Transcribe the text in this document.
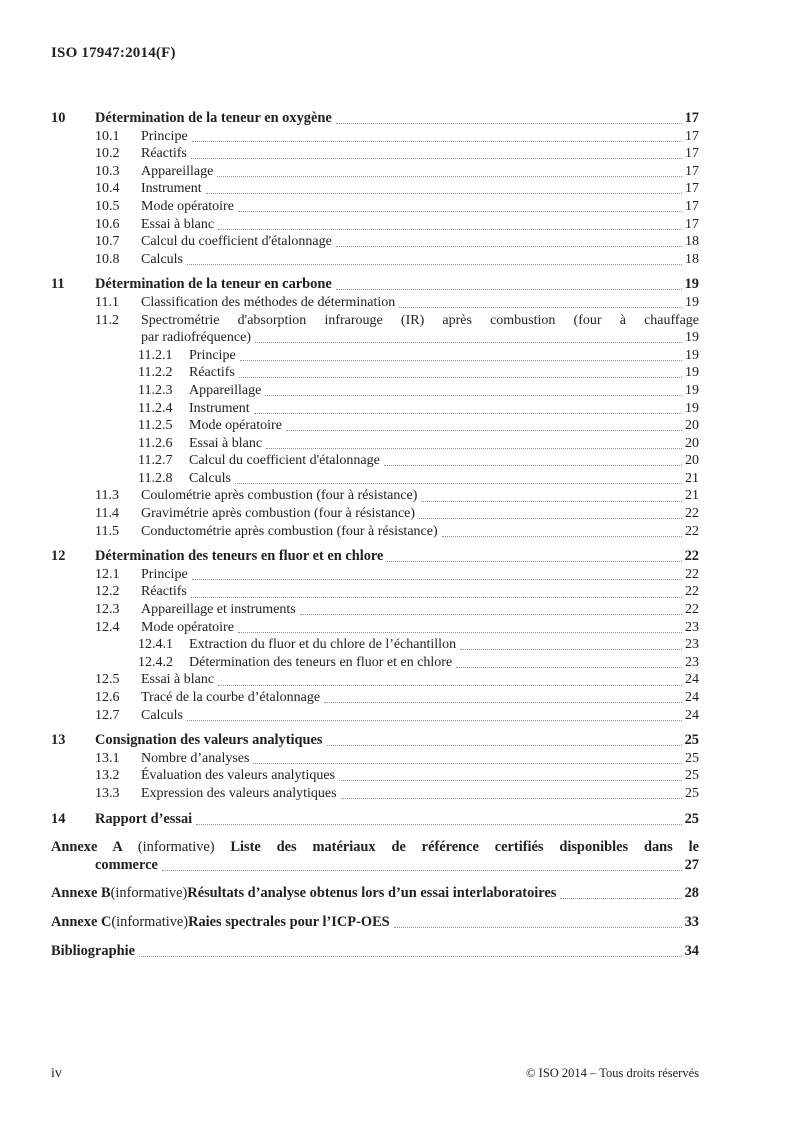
ISO 17947:2014(F)
10	Détermination de la teneur en oxygène	17
10.1	Principe	17
10.2	Réactifs	17
10.3	Appareillage	17
10.4	Instrument	17
10.5	Mode opératoire	17
10.6	Essai à blanc	17
10.7	Calcul du coefficient d'étalonnage	18
10.8	Calculs	18
11	Détermination de la teneur en carbone	19
11.1	Classification des méthodes de détermination	19
11.2	Spectrométrie d'absorption infrarouge (IR) après combustion (four à chauffage
par radiofréquence)	19
11.2.1	Principe	19
11.2.2	Réactifs	19
11.2.3	Appareillage	19
11.2.4	Instrument	19
11.2.5	Mode opératoire	20
11.2.6	Essai à blanc	20
11.2.7	Calcul du coefficient d'étalonnage	20
11.2.8	Calculs	21
11.3	Coulométrie après combustion (four à résistance)	21
11.4	Gravimétrie après combustion (four à résistance)	22
11.5	Conductométrie après combustion (four à résistance)	22
12	Détermination des teneurs en fluor et en chlore	22
12.1	Principe	22
12.2	Réactifs	22
12.3	Appareillage et instruments	22
12.4	Mode opératoire	23
12.4.1	Extraction du fluor et du chlore de l’échantillon	23
12.4.2	Détermination des teneurs en fluor et en chlore	23
12.5	Essai à blanc	24
12.6	Tracé de la courbe d’étalonnage	24
12.7	Calculs	24
13	Consignation des valeurs analytiques	25
13.1	Nombre d’analyses	25
13.2	Évaluation des valeurs analytiques	25
13.3	Expression des valeurs analytiques	25
14	Rapport d’essai	25
Annexe A (informative) Liste des matériaux de référence certifiés disponibles dans le
commerce	27
Annexe B (informative) Résultats d’analyse obtenus lors d’un essai interlaboratoires	28
Annexe C (informative) Raies spectrales pour l’ICP-OES	33
Bibliographie	34
iv	© ISO 2014 – Tous droits réservés
